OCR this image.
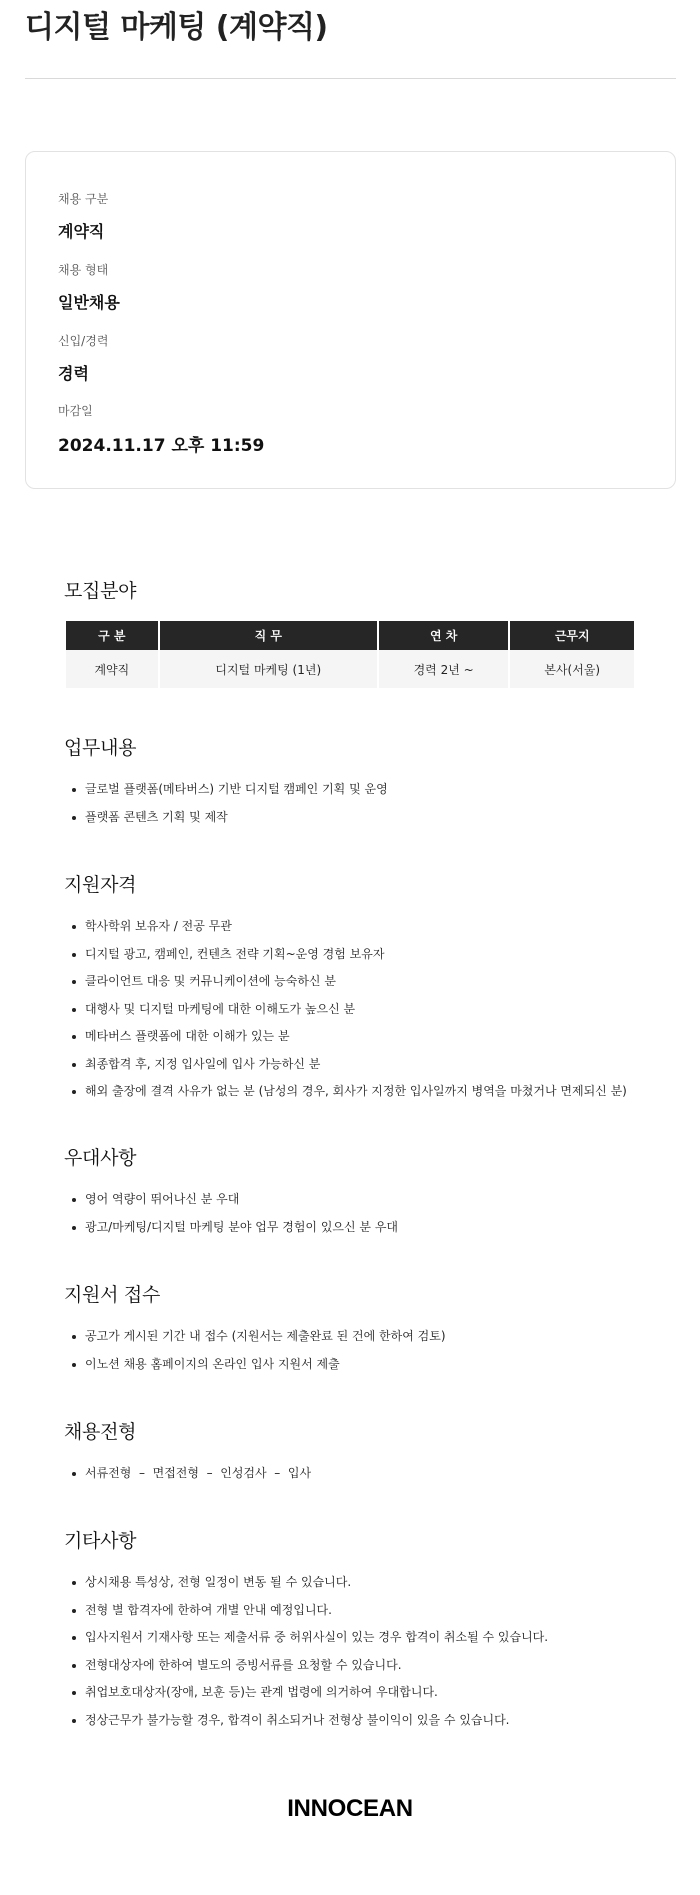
디지털 마케팅 (계약직)
채용 구분
계약직
채용 형태
일반채용
신입/경력
경력
마감일
2024.11.17 오후 11:59
모집분야
구 분	직 무	연 차	근무지
계약직	디지털 마케팅 (1년)	경력 2년 ~	본사(서울)
업무내용
글로벌 플랫폼(메타버스) 기반 디지털 캠페인 기획 및 운영
플랫폼 콘텐츠 기획 및 제작
지원자격
학사학위 보유자 / 전공 무관
디지털 광고, 캠페인, 컨텐츠 전략 기획~운영 경험 보유자
클라이언트 대응 및 커뮤니케이션에 능숙하신 분
대행사 및 디지털 마케팅에 대한 이해도가 높으신 분
메타버스 플랫폼에 대한 이해가 있는 분
최종합격 후, 지정 입사일에 입사 가능하신 분
해외 출장에 결격 사유가 없는 분 (남성의 경우, 회사가 지정한 입사일까지 병역을 마쳤거나 면제되신 분)
우대사항
영어 역량이 뛰어나신 분 우대
광고/마케팅/디지털 마케팅 분야 업무 경험이 있으신 분 우대
지원서 접수
공고가 게시된 기간 내 접수 (지원서는 제출완료 된 건에 한하여 검토)
이노션 채용 홈페이지의 온라인 입사 지원서 제출
채용전형
서류전형  –  면접전형  –  인성검사  –  입사
기타사항
상시채용 특성상, 전형 일정이 변동 될 수 있습니다.
전형 별 합격자에 한하여 개별 안내 예정입니다.
입사지원서 기재사항 또는 제출서류 중 허위사실이 있는 경우 합격이 취소될 수 있습니다.
전형대상자에 한하여 별도의 증빙서류를 요청할 수 있습니다.
취업보호대상자(장애, 보훈 등)는 관계 법령에 의거하여 우대합니다.
정상근무가 불가능할 경우, 합격이 취소되거나 전형상 불이익이 있을 수 있습니다.
INNOCEAN
